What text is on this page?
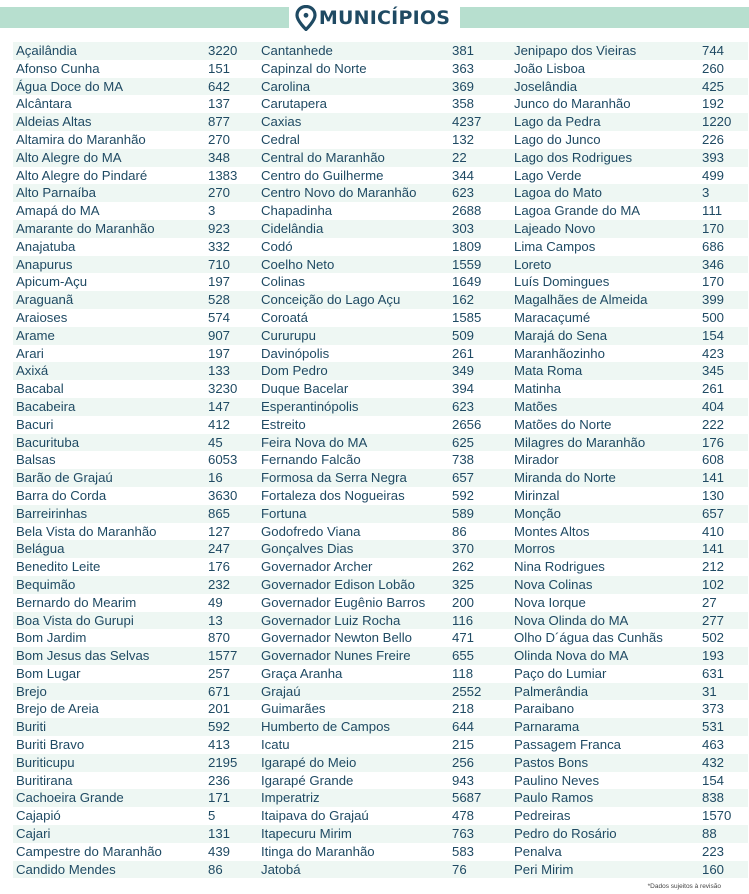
MUNICÍPIOS
Açailândia	3220
Afonso Cunha	151
Água Doce do MA	642
Alcântara	137
Aldeias Altas	877
Altamira do Maranhão	270
Alto Alegre do MA	348
Alto Alegre do Pindaré	1383
Alto Parnaíba	270
Amapá do MA	3
Amarante do Maranhão	923
Anajatuba	332
Anapurus	710
Apicum-Açu	197
Araguanã	528
Araioses	574
Arame	907
Arari	197
Axixá	133
Bacabal	3230
Bacabeira	147
Bacuri	412
Bacurituba	45
Balsas	6053
Barão de Grajaú	16
Barra do Corda	3630
Barreirinhas	865
Bela Vista do Maranhão	127
Belágua	247
Benedito Leite	176
Bequimão	232
Bernardo do Mearim	49
Boa Vista do Gurupi	13
Bom Jardim	870
Bom Jesus das Selvas	1577
Bom Lugar	257
Brejo	671
Brejo de Areia	201
Buriti	592
Buriti Bravo	413
Buriticupu	2195
Buritirana	236
Cachoeira Grande	171
Cajapió	5
Cajari	131
Campestre do Maranhão	439
Candido Mendes	86
Cantanhede	381
Capinzal do Norte	363
Carolina	369
Carutapera	358
Caxias	4237
Cedral	132
Central do Maranhão	22
Centro do Guilherme	344
Centro Novo do Maranhão	623
Chapadinha	2688
Cidelândia	303
Codó	1809
Coelho Neto	1559
Colinas	1649
Conceição do Lago Açu	162
Coroatá	1585
Cururupu	509
Davinópolis	261
Dom Pedro	349
Duque Bacelar	394
Esperantinópolis	623
Estreito	2656
Feira Nova do MA	625
Fernando Falcão	738
Formosa da Serra Negra	657
Fortaleza dos Nogueiras	592
Fortuna	589
Godofredo Viana	86
Gonçalves Dias	370
Governador Archer	262
Governador Edison Lobão	325
Governador Eugênio Barros	200
Governador Luiz Rocha	116
Governador Newton Bello	471
Governador Nunes Freire	655
Graça Aranha	118
Grajaú	2552
Guimarães	218
Humberto de Campos	644
Icatu	215
Igarapé do Meio	256
Igarapé Grande	943
Imperatriz	5687
Itaipava do Grajaú	478
Itapecuru Mirim	763
Itinga do Maranhão	583
Jatobá	76
Jenipapo dos Vieiras	744
João Lisboa	260
Joselândia	425
Junco do Maranhão	192
Lago da Pedra	1220
Lago do Junco	226
Lago dos Rodrigues	393
Lago Verde	499
Lagoa do Mato	3
Lagoa Grande do MA	111
Lajeado Novo	170
Lima Campos	686
Loreto	346
Luís Domingues	170
Magalhães de Almeida	399
Maracaçumé	500
Marajá do Sena	154
Maranhãozinho	423
Mata Roma	345
Matinha	261
Matões	404
Matões do Norte	222
Milagres do Maranhão	176
Mirador	608
Miranda do Norte	141
Mirinzal	130
Monção	657
Montes Altos	410
Morros	141
Nina Rodrigues	212
Nova Colinas	102
Nova Iorque	27
Nova Olinda do MA	277
Olho D´água das Cunhãs	502
Olinda Nova do MA	193
Paço do Lumiar	631
Palmerândia	31
Paraibano	373
Parnarama	531
Passagem Franca	463
Pastos Bons	432
Paulino Neves	154
Paulo Ramos	838
Pedreiras	1570
Pedro do Rosário	88
Penalva	223
Peri Mirim	160
*Dados sujeitos à revisão
